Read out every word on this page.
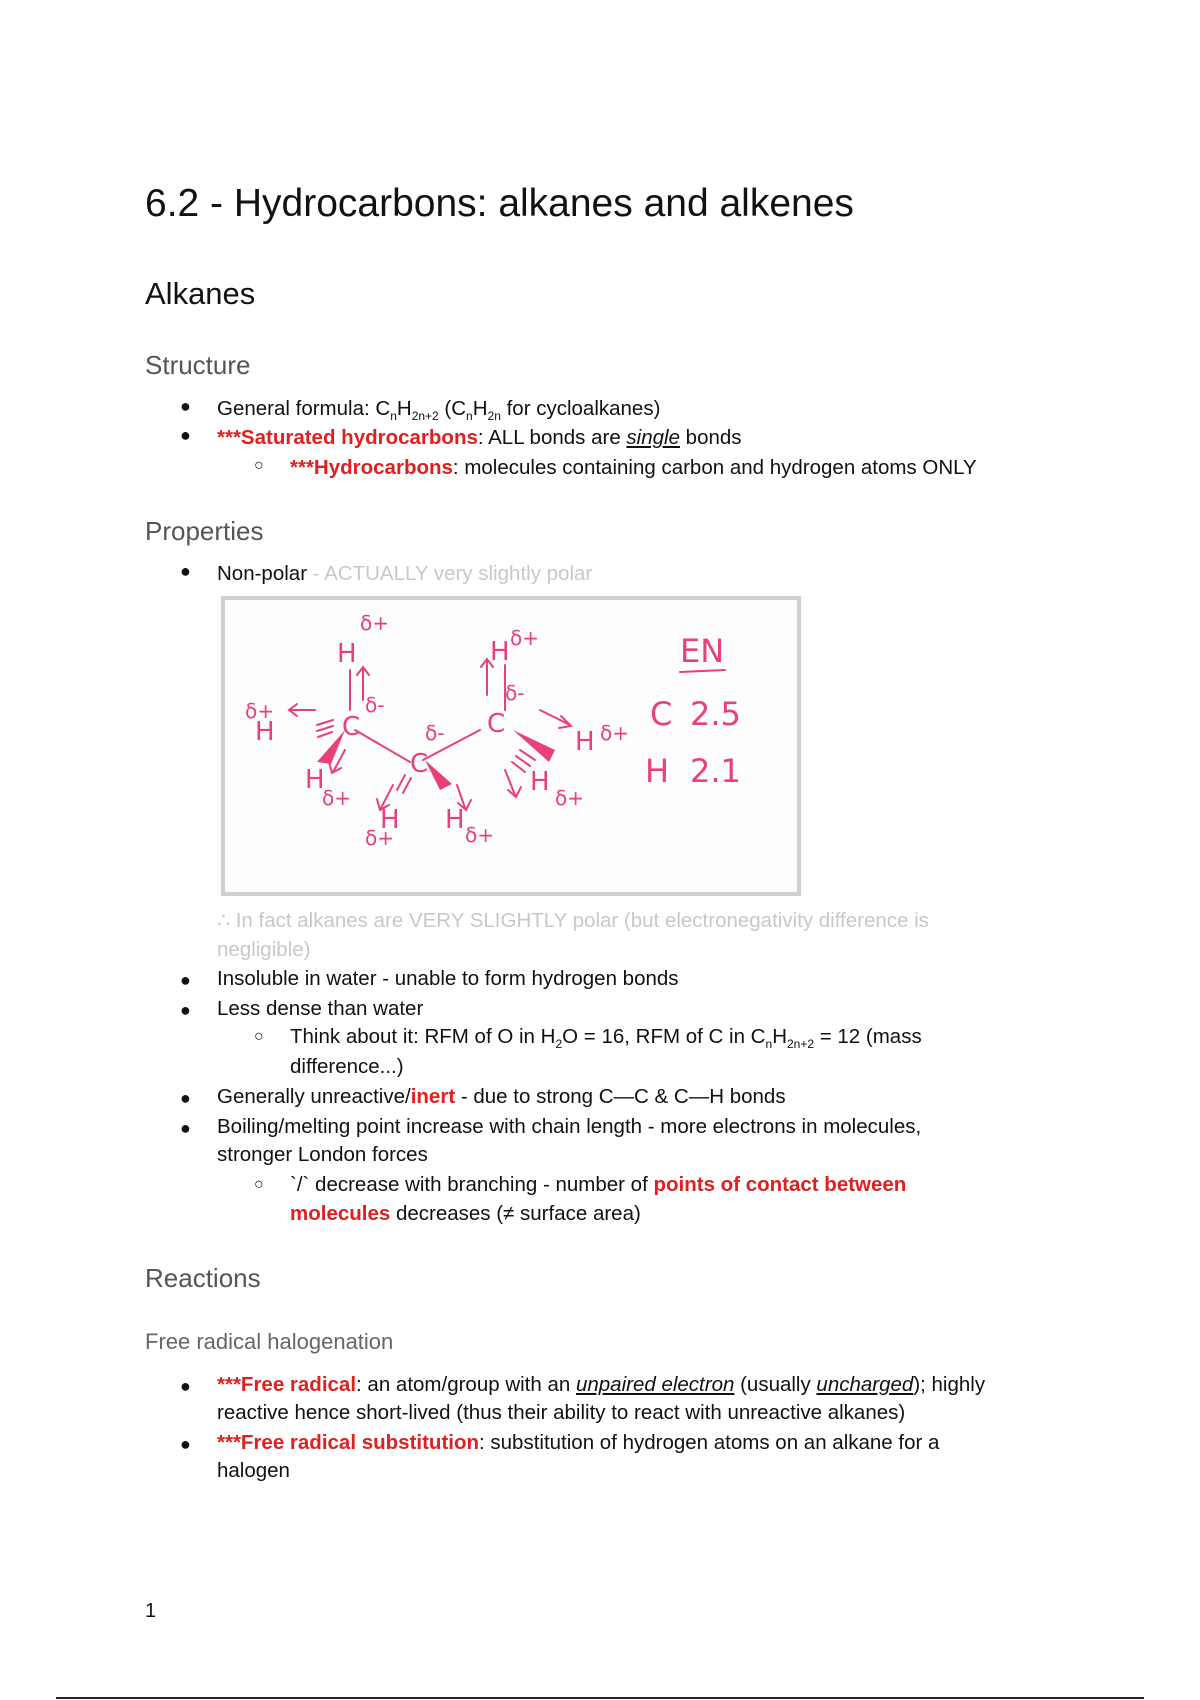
6.2 - Hydrocarbons: alkanes and alkenes
Alkanes
Structure
● General formula: $C_nH_{2n+2}$ ($C_nH_{2n}$ for cycloalkanes)
● ***Saturated hydrocarbons: ALL bonds are single bonds
○ ***Hydrocarbons: molecules containing carbon and hydrogen atoms ONLY
Properties
● Non-polar - ACTUALLY very slightly polar
C
C
C
H	H
H	H
H
H H
H
δ+
δ+
δ+
δ+
δ+
δ+	δ+
δ+
δ-
δ-
δ-
EN
C 2.5
H 2.1
∴ In fact alkanes are VERY SLIGHTLY polar (but electronegativity difference is
negligible)
● Insoluble in water - unable to form hydrogen bonds
● Less dense than water
○ Think about it: RFM of O in $H_2O = 16$, RFM of C in $C_nH_{2n+2} = 12$ (mass
difference...)
● Generally unreactive/inert - due to strong C—C & C—H bonds
● Boiling/melting point increase with chain length - more electrons in molecules,
stronger London forces
○ `/` decrease with branching - number of points of contact between
molecules decreases (≠ surface area)
Reactions
Free radical halogenation
● ***Free radical: an atom/group with an unpaired electron (usually uncharged); highly
reactive hence short-lived (thus their ability to react with unreactive alkanes)
● ***Free radical substitution: substitution of hydrogen atoms on an alkane for a
halogen
1
